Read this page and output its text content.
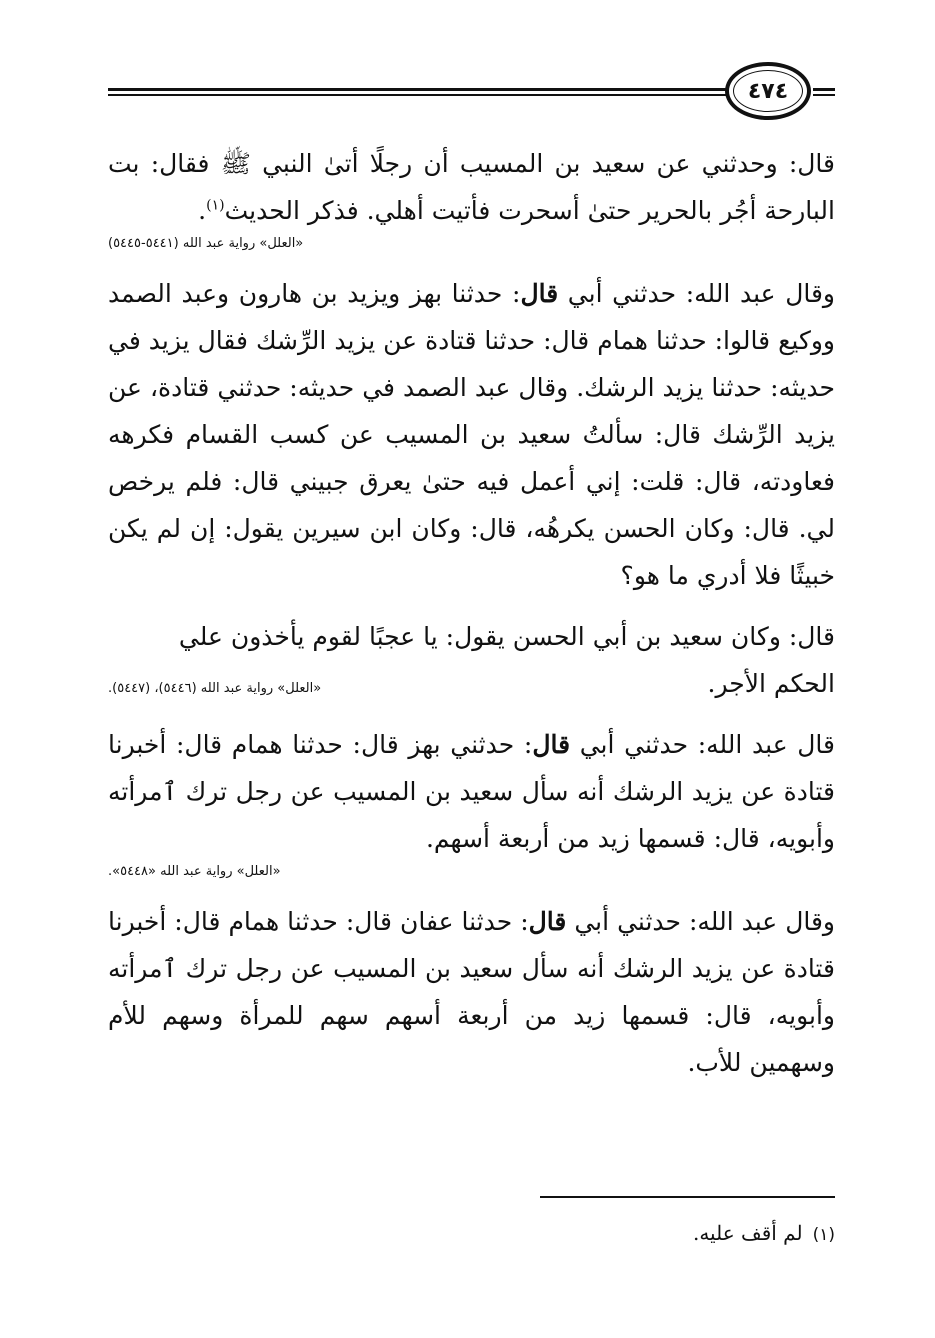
٤٧٤

قال: وحدثني عن سعيد بن المسيب أن رجلًا أتىٰ النبي ﷺ فقال: بت البارحة أجُر بالحرير حتىٰ أسحرت فأتيت أهلي. فذكر الحديث$^{(١)}$.

«العلل» رواية عبد الله (٥٤٤١-٥٤٤٥)

وقال عبد الله: حدثني أبي قال: حدثنا بهز ويزيد بن هارون وعبد الصمد ووكيع قالوا: حدثنا همام قال: حدثنا قتادة عن يزيد الرِّشك فقال يزيد في حديثه: حدثنا يزيد الرشك. وقال عبد الصمد في حديثه: حدثني قتادة، عن يزيد الرِّشك قال: سألتُ سعيد بن المسيب عن كسب القسام فكرهه فعاودته، قال: قلت: إني أعمل فيه حتىٰ يعرق جبيني قال: فلم يرخص لي. قال: وكان الحسن يكرهُه، قال: وكان ابن سيرين يقول: إن لم يكن خبيثًا فلا أدري ما هو؟

قال: وكان سعيد بن أبي الحسن يقول: يا عجبًا لقوم يأخذون علي

الحكم الأجر.
«العلل» رواية عبد الله (٥٤٤٦)، (٥٤٤٧).

قال عبد الله: حدثني أبي قال: حدثني بهز قال: حدثنا همام قال: أخبرنا قتادة عن يزيد الرشك أنه سأل سعيد بن المسيب عن رجل ترك ٱمرأته وأبويه، قال: قسمها زيد من أربعة أسهم.

«العلل» رواية عبد الله «٥٤٤٨».

وقال عبد الله: حدثني أبي قال: حدثنا عفان قال: حدثنا همام قال: أخبرنا قتادة عن يزيد الرشك أنه سأل سعيد بن المسيب عن رجل ترك ٱمرأته وأبويه، قال: قسمها زيد من أربعة أسهم سهم للمرأة وسهم للأم وسهمين للأب.

(١)لم أقف عليه.
